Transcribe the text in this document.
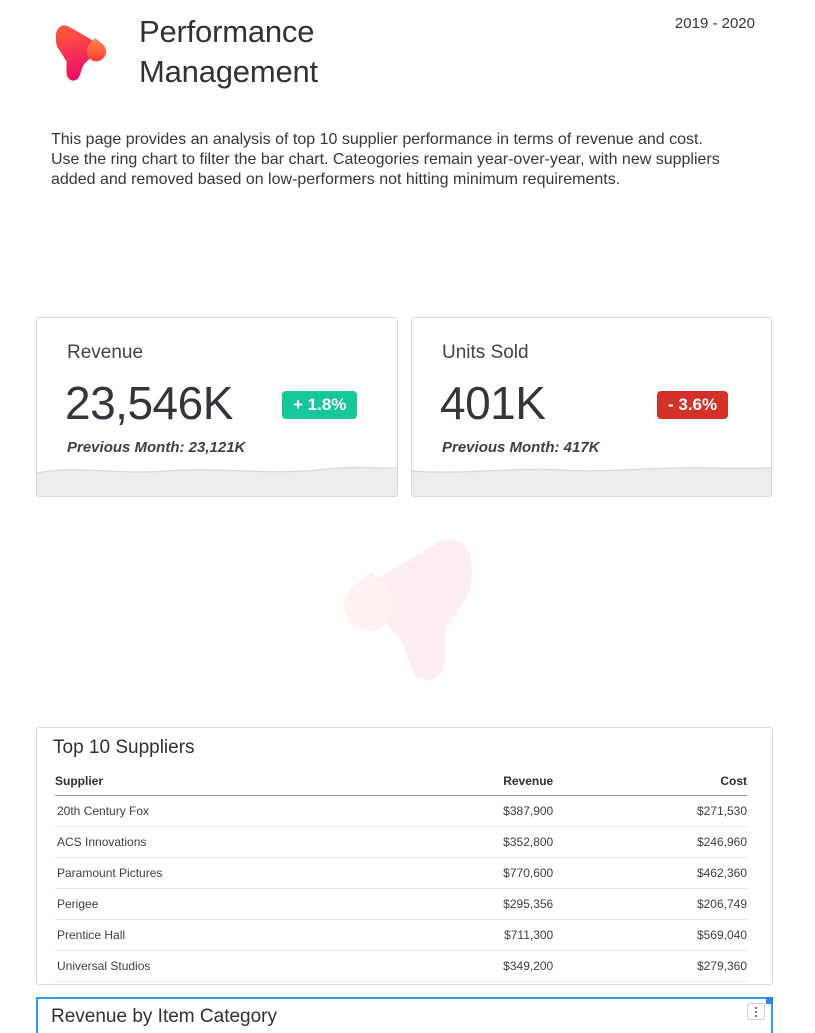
Performance
Management
2019 - 2020

This page provides an analysis of top 10 supplier performance in terms of revenue and cost.
Use the ring chart to filter the bar chart. Cateogories remain year-over-year, with new suppliers
added and removed based on low-performers not hitting minimum requirements.

Revenue
23,546K	+ 1.8%
Previous Month: 23,121K
Units Sold
401K	- 3.6%
Previous Month: 417K
Top 10 Suppliers
Supplier	Revenue	Cost
20th Century Fox	$387,900	$271,530
ACS Innovations	$352,800	$246,960
Paramount Pictures	$770,600	$462,360
Perigee	$295,356	$206,749
Prentice Hall	$711,300	$569,040
Universal Studios	$349,200	$279,360
Revenue by Item Category
